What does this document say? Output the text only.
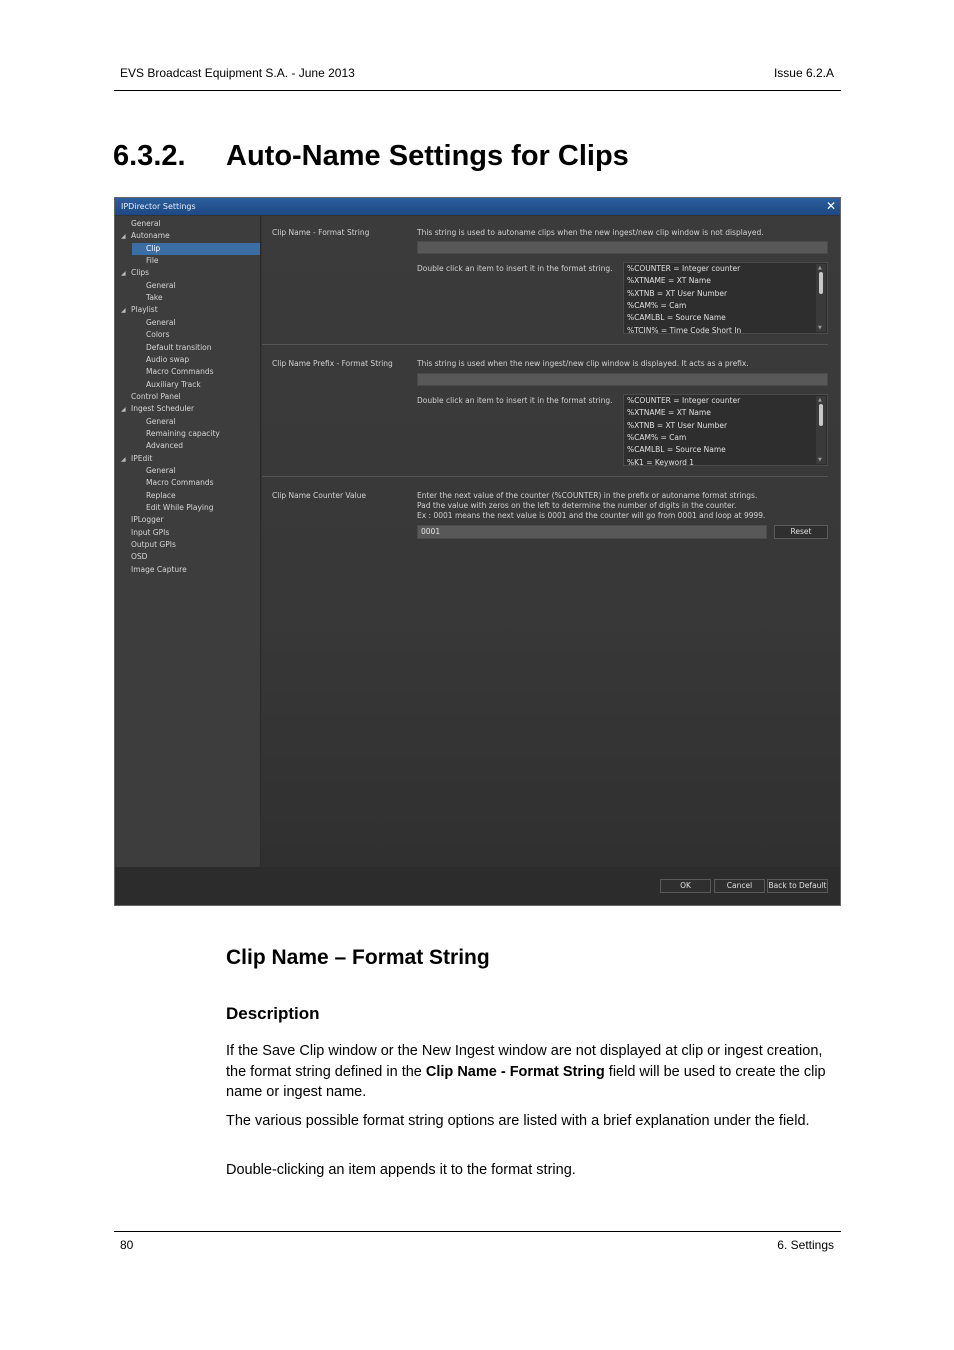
EVS Broadcast Equipment S.A. - June 2013	Issue 6.2.A
6.3.2. Auto-Name Settings for Clips
IPDirector Settings	✕
General
◢ Autoname
Clip
File
◢ Clips
General
Take
◢ Playlist
General
Colors
Default transition
Audio swap
Macro Commands
Auxiliary Track
Control Panel
◢ Ingest Scheduler
General
Remaining capacity
Advanced
◢ IPEdit
General
Macro Commands
Replace
Edit While Playing
IPLogger
Input GPIs
Output GPIs
OSD
Image Capture
Clip Name - Format String	This string is used to autoname clips when the new ingest/new clip window is not displayed.
Double click an item to insert it in the format string.	▲
▼
%COUNTER = Integer counter
%XTNAME = XT Name
%XTNB = XT User Number
%CAM% = Cam
%CAMLBL = Source Name
%TCIN% = Time Code Short In
Clip Name Prefix - Format String	This string is used when the new ingest/new clip window is displayed. It acts as a prefix.
Double click an item to insert it in the format string.	▲
▼
%COUNTER = Integer counter
%XTNAME = XT Name
%XTNB = XT User Number
%CAM% = Cam
%CAMLBL = Source Name
%K1 = Keyword 1
Clip Name Counter Value	Enter the next value of the counter (%COUNTER) in the prefix or autoname format strings.
Pad the value with zeros on the left to determine the number of digits in the counter.
Ex : 0001 means the next value is 0001 and the counter will go from 0001 and loop at 9999.
0001	Reset
OK	Cancel	Back to Default
Clip Name – Format String
Description

If the Save Clip window or the New Ingest window are not displayed at clip or ingest creation, the format string defined in the Clip Name - Format String field will be used to create the clip name or ingest name.

The various possible format string options are listed with a brief explanation under the field.

Double-clicking an item appends it to the format string.

80	6. Settings
